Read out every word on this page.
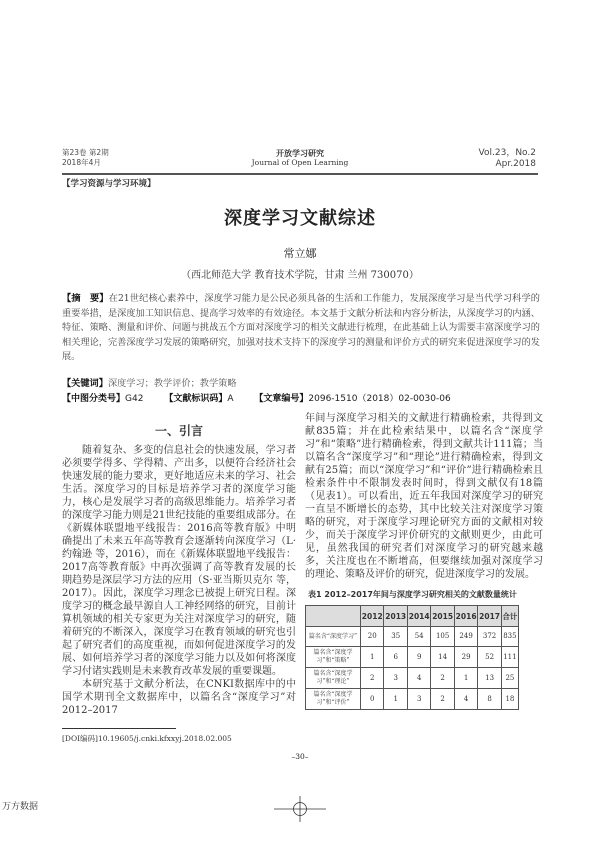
第23卷 第2期
2018年4月
开放学习研究
Journal of Open Learning
Vol.23，No.2
Apr.2018
【学习资源与学习环境】
深度学习文献综述
常立娜
（西北师范大学 教育技术学院，甘肃 兰州 730070）
【摘　要】在21世纪核心素养中，深度学习能力是公民必须具备的生活和工作能力，发展深度学习是当代学习科学的重要举措，是深度加工知识信息、提高学习效率的有效途径。本文基于文献分析法和内容分析法，从深度学习的内涵、特征、策略、测量和评价、问题与挑战五个方面对深度学习的相关文献进行梳理，在此基础上认为需要丰富深度学习的相关理论，完善深度学习发展的策略研究，加强对技术支持下的深度学习的测量和评价方式的研究来促进深度学习的发展。
【关键词】深度学习；教学评价；教学策略
【中图分类号】G42 【文献标识码】A 【文章编号】2096-1510（2018）02-0030-06
一、引言

随着复杂、多变的信息社会的快速发展，学习者必须要学得多、学得精、产出多，以便符合经济社会快速发展的能力要求，更好地适应未来的学习、社会生活。深度学习的目标是培养学习者的深度学习能力，核心是发展学习者的高级思维能力。培养学习者的深度学习能力则是21世纪技能的重要组成部分。在《新媒体联盟地平线报告：2016高等教育版》中明确提出了未来五年高等教育会逐渐转向深度学习（L·约翰逊 等，2016），而在《新媒体联盟地平线报告：2017高等教育版》中再次强调了高等教育发展的长期趋势是深层学习方法的应用（S·亚当斯贝克尔 等，2017）。因此，深度学习理念已被提上研究日程。深度学习的概念最早源自人工神经网络的研究，目前计算机领域的相关专家更为关注对深度学习的研究，随着研究的不断深入，深度学习在教育领域的研究也引起了研究者们的高度重视，而如何促进深度学习的发展、如何培养学习者的深度学习能力以及如何将深度学习付诸实践则是未来教育改革发展的重要课题。

本研究基于文献分析法，在CNKI数据库中的中国学术期刊全文数据库中，以篇名含“深度学习”对2012–2017

年间与深度学习相关的文献进行精确检索，共得到文献835篇；并在此检索结果中，以篇名含“深度学习”和“策略”进行精确检索，得到文献共计111篇；当以篇名含“深度学习”和“理论”进行精确检索，得到文献有25篇；而以“深度学习”和“评价”进行精确检索且检索条件中不限制发表时间时，得到文献仅有18篇（见表1）。可以看出，近五年我国对深度学习的研究一直呈不断增长的态势，其中比较关注对深度学习策略的研究，对于深度学习理论研究方面的文献相对较少，而关于深度学习评价研究的文献则更少，由此可见，虽然我国的研究者们对深度学习的研究越来越多，关注度也在不断增高，但要继续加强对深度学习的理论、策略及评价的研究，促进深度学习的发展。

表1 2012–2017年间与深度学习研究相关的文献数量统计
	2012	2013	2014	2015	2016	2017	合计
篇名含“深度学习”	20	35	54	105	249	372	835
篇名含“深度学习”和“策略”	1	6	9	14	29	52	111
篇名含“深度学习”和“理论”	2	3	4	2	1	13	25
篇名含“深度学习”和“评价”	0	1	3	2	4	8	18
[DOI编码]10.19605/j.cnki.kfxxyj.2018.02.005
–30–
万方数据
